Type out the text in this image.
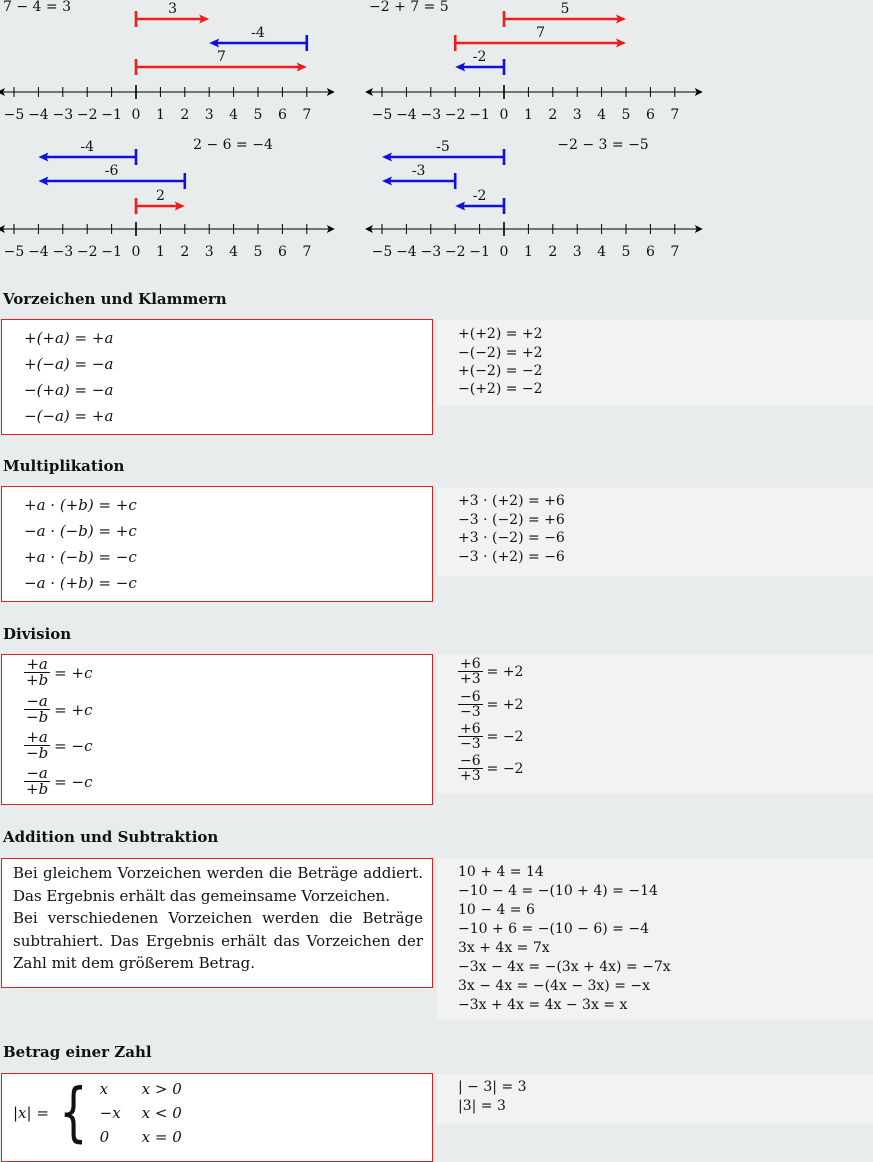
−5 −4 −3 −2 −1 0 1 2 3 4 5 6 7
7 − 4 = 3	3
-4
7
−5 −4 −3 −2 −1 0 1 2 3 4 5 6 7
−2 + 7 = 5	5
7
-2
−5 −4 −3 −2 −1 0 1 2 3 4 5 6 7
2 − 6 = −4
-4
-6
2
−5 −4 −3 −2 −1 0 1 2 3 4 5 6 7
−2 − 3 = −5
-5
-3
-2
Vorzeichen und Klammern
+(+a) = +a
+(−a) = −a
−(+a) = −a
−(−a) = +a
+(+2) = +2
−(−2) = +2
+(−2) = −2
−(+2) = −2
Multiplikation
+a · (+b) = +c
−a · (−b) = +c
+a · (−b) = −c
−a · (+b) = −c
+3 · (+2) = +6
−3 · (−2) = +6
+3 · (−2) = −6
−3 · (+2) = −6
Division
$\frac{+a}{+b} = +c$
$\frac{-a}{-b} = +c$
$\frac{+a}{-b} = -c$
$\frac{-a}{+b} = -c$
$\frac{+6}{+3} = +2$
$\frac{-6}{-3} = +2$
$\frac{+6}{-3} = -2$
$\frac{-6}{+3} = -2$
Addition und Subtraktion

Bei gleichem Vorzeichen werden die Beträge addiert. Das Ergebnis erhält das gemeinsame Vorzeichen.

Bei verschiedenen Vorzeichen werden die Beträge subtrahiert. Das Ergebnis erhält das Vorzeichen der Zahl mit dem größerem Betrag.

10 + 4 = 14
−10 − 4 = −(10 + 4) = −14
10 − 4 = 6
−10 + 6 = −(10 − 6) = −4
3x + 4x = 7x
−3x − 4x = −(3x + 4x) = −7x
3x − 4x = −(4x − 3x) = −x
−3x + 4x = 4x − 3x = x
Betrag einer Zahl
|x| = { x	x > 0
−x	x < 0
0	x = 0
| − 3| = 3
|3| = 3
